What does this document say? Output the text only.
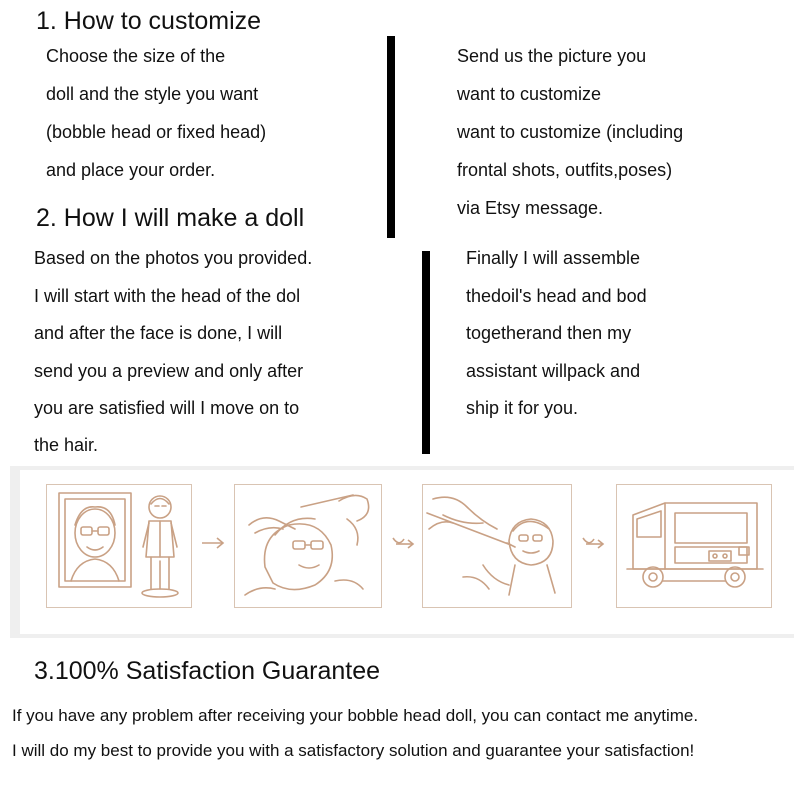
1. How to customize
Choose the size of the
doll and the style you want
(bobble head or fixed head)
and place your order.
Send us the picture you
want to customize
want to customize (including
frontal shots, outfits,poses)
via Etsy message.
2. How I will make a doll
Based on the photos you provided.
I will start with the head of the dol
and after the face is done, I will
send you a preview and only after
you are satisfied will I move on to
the hair.
Finally I will assemble
thedoil's head and bod
togetherand then my
assistant willpack and
ship it for you.
3.100% Satisfaction Guarantee
If you have any problem after receiving your bobble head doll, you can contact me anytime.
I will do my best to provide you with a satisfactory solution and guarantee your satisfaction!
